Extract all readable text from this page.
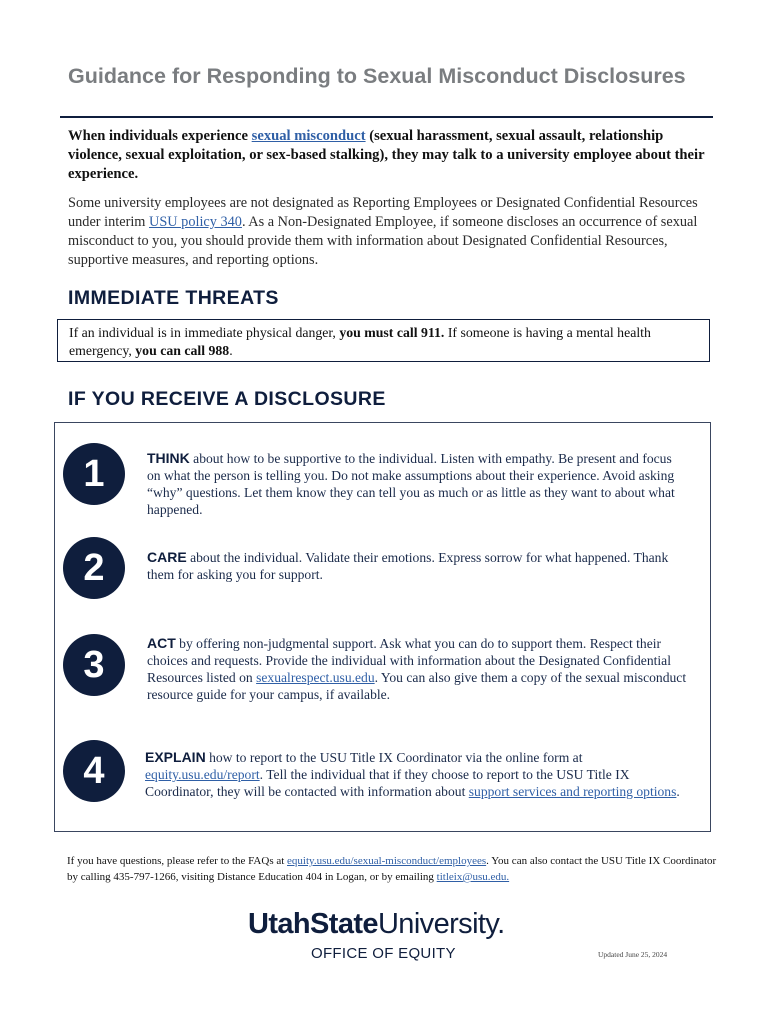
Guidance for Responding to Sexual Misconduct Disclosures

When individuals experience sexual misconduct (sexual harassment, sexual assault, relationship violence, sexual exploitation, or sex-based stalking), they may talk to a university employee about their experience.

Some university employees are not designated as Reporting Employees or Designated Confidential Resources under interim USU policy 340. As a Non-Designated Employee, if someone discloses an occurrence of sexual misconduct to you, you should provide them with information about Designated Confidential Resources, supportive measures, and reporting options.

IMMEDIATE THREATS
If an individual is in immediate physical danger, you must call 911. If someone is having a mental health emergency, you can call 988.
IF YOU RECEIVE A DISCLOSURE
1	THINK about how to be supportive to the individual. Listen with empathy. Be present and focus on what the person is telling you. Do not make assumptions about their experience. Avoid asking “why” questions. Let them know they can tell you as much or as little as they want to about what happened.
2	CARE about the individual. Validate their emotions. Express sorrow for what happened. Thank them for asking you for support.
3
ACT by offering non-judgmental support. Ask what you can do to support them. Respect their choices and requests. Provide the individual with information about the Designated Confidential Resources listed on sexualrespect.usu.edu. You can also give them a copy of the sexual misconduct resource guide for your campus, if available.
4	EXPLAIN how to report to the USU Title IX Coordinator via the online form at equity.usu.edu/report. Tell the individual that if they choose to report to the USU Title IX Coordinator, they will be contacted with information about support services and reporting options.

If you have questions, please refer to the FAQs at equity.usu.edu/sexual-misconduct/employees. You can also contact the USU Title IX Coordinator by calling 435-797-1266, visiting Distance Education 404 in Logan, or by emailing titleix@usu.edu.

UtahStateUniversity.
OFFICE OF EQUITY	Updated June 25, 2024
